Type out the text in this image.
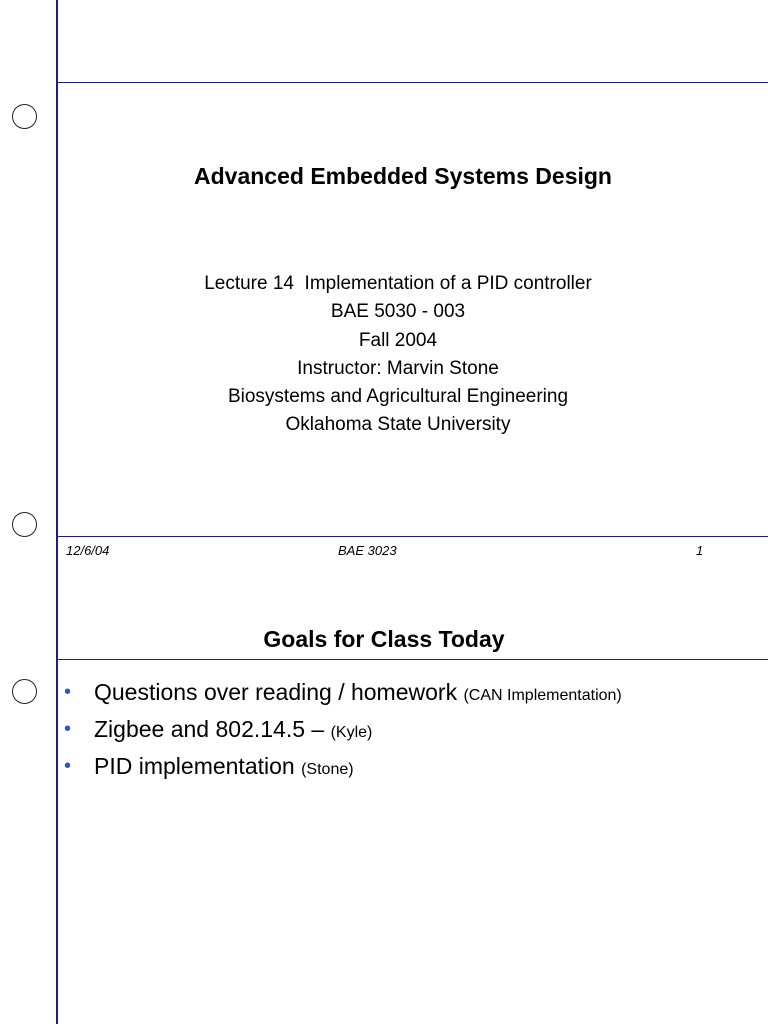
Advanced Embedded Systems Design
Lecture 14  Implementation of a PID controller
BAE 5030 - 003
Fall 2004
Instructor: Marvin Stone
Biosystems and Agricultural Engineering
Oklahoma State University
12/6/04	BAE 3023	1
Goals for Class Today
• Questions over reading / homework (CAN Implementation)
• Zigbee and 802.14.5 – (Kyle)
• PID implementation (Stone)
